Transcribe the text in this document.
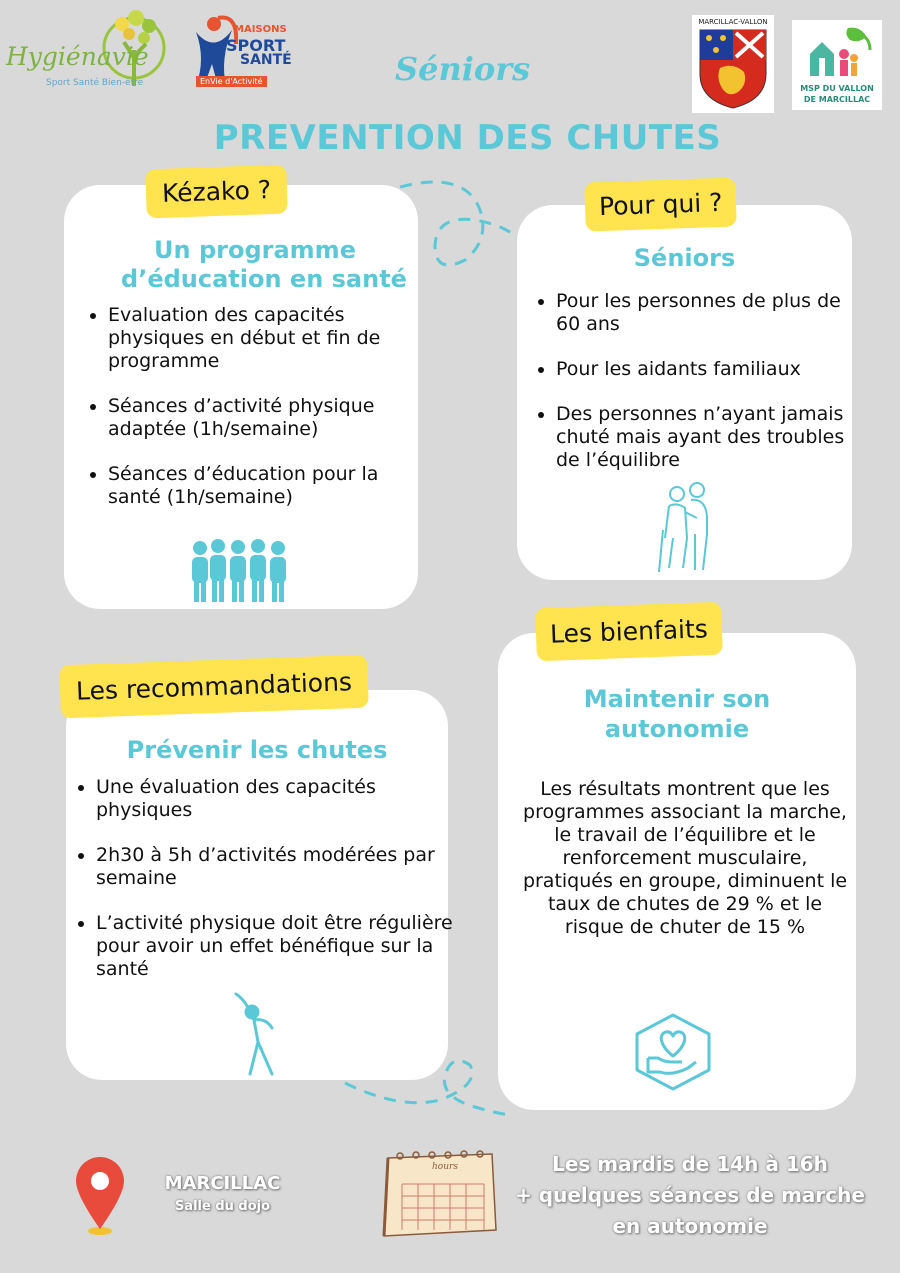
Hygiénavie
Sport Santé Bien-être
MAISONS
SPORT
SANTÉ
EnVie d'Activité	Séniors
MARCILLAC-VALLON
MSP DU VALLON
DE MARCILLAC
PREVENTION DES CHUTES
Kézako ?
Un programme
d’éducation en santé
• Evaluation des capacités physiques en début et fin de programme
• Séances d’activité physique adaptée (1h/semaine)
• Séances d’éducation pour la santé (1h/semaine)
Pour qui ?
Séniors
• Pour les personnes de plus de 60 ans
• Pour les aidants familiaux
• Des personnes n’ayant jamais chuté mais ayant des troubles de l’équilibre
Les recommandations
Prévenir les chutes
• Une évaluation des capacités physiques
• 2h30 à 5h d’activités modérées par semaine
• L’activité physique doit être régulière pour avoir un effet bénéfique sur la santé
Les bienfaits
Maintenir son
autonomie
Les résultats montrent que les programmes associant la marche, le travail de l’équilibre et le renforcement musculaire, pratiqués en groupe, diminuent le taux de chutes de 29 % et le risque de chuter de 15 %
MARCILLAC
Salle du dojo
hours	Les mardis de 14h à 16h
+ quelques séances de marche
en autonomie
